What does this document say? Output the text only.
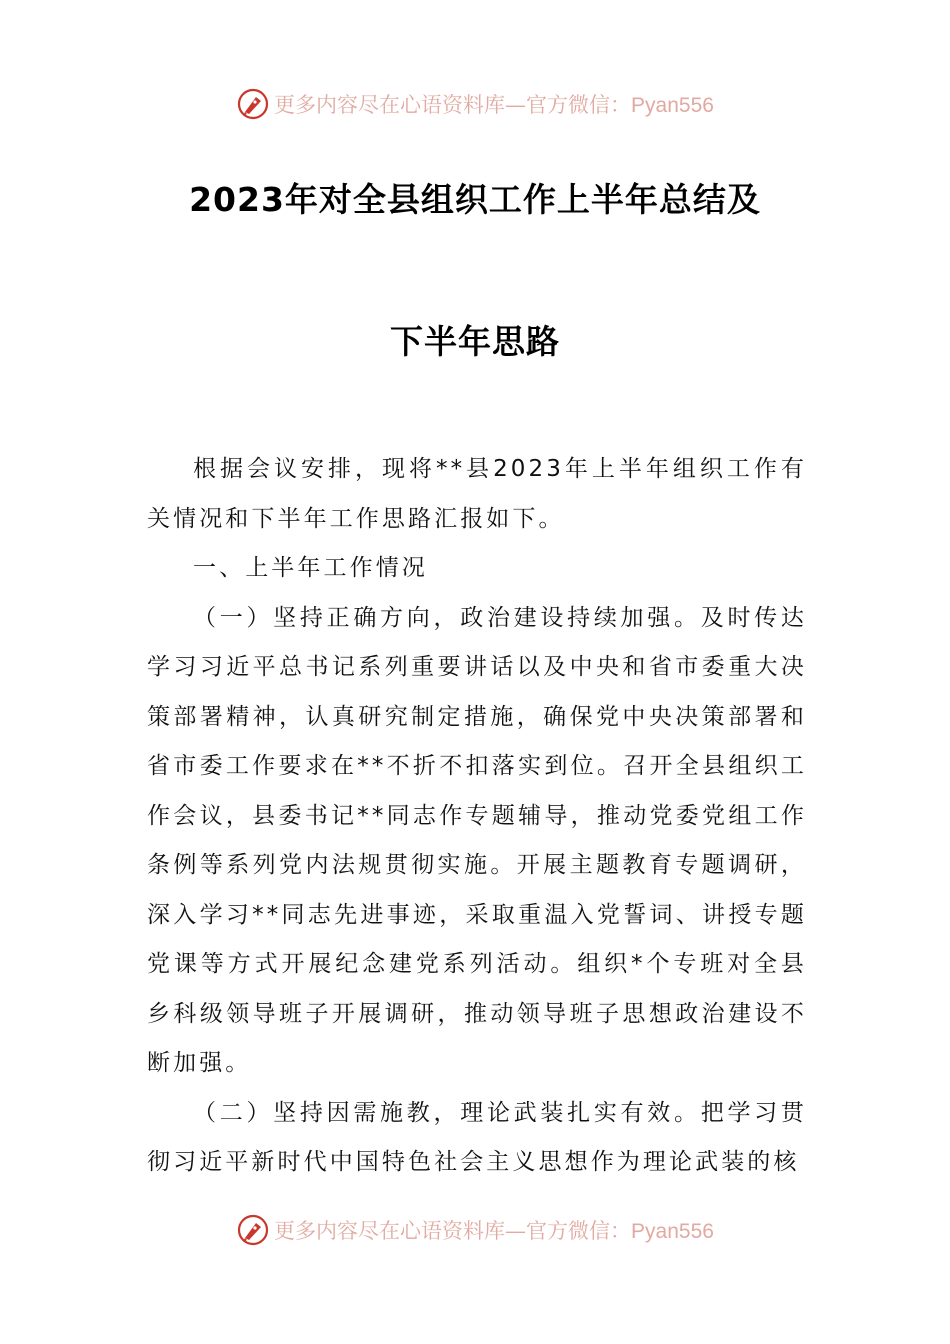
更多内容尽在心语资料库—官方微信：Pyan556
2023年对全县组织工作上半年总结及
下半年思路

根据会议安排，现将**县2023年上半年组织工作有关情况和下半年工作思路汇报如下。

一、上半年工作情况

（一）坚持正确方向，政治建设持续加强。及时传达学习习近平总书记系列重要讲话以及中央和省市委重大决策部署精神，认真研究制定措施，确保党中央决策部署和省市委工作要求在**不折不扣落实到位。召开全县组织工作会议，县委书记**同志作专题辅导，推动党委党组工作条例等系列党内法规贯彻实施。开展主题教育专题调研，深入学习**同志先进事迹，采取重温入党誓词、讲授专题党课等方式开展纪念建党系列活动。组织*个专班对全县乡科级领导班子开展调研，推动领导班子思想政治建设不断加强。

（二）坚持因需施教，理论武装扎实有效。把学习贯彻习近平新时代中国特色社会主义思想作为理论武装的核

更多内容尽在心语资料库—官方微信：Pyan556
